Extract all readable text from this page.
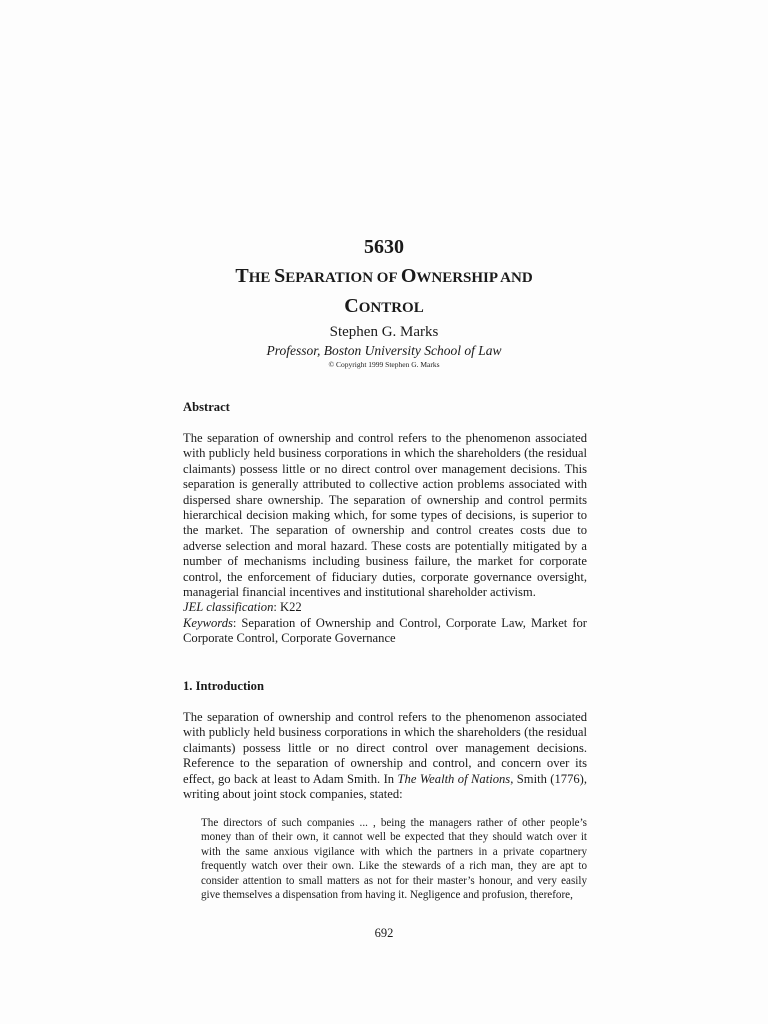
5630
THE SEPARATION OF OWNERSHIP AND
CONTROL
Stephen G. Marks
Professor, Boston University School of Law
© Copyright 1999 Stephen G. Marks
Abstract
The separation of ownership and control refers to the phenomenon associated with publicly held business corporations in which the shareholders (the residual claimants) possess little or no direct control over management decisions. This separation is generally attributed to collective action problems associated with dispersed share ownership. The separation of ownership and control permits hierarchical decision making which, for some types of decisions, is superior to the market. The separation of ownership and control creates costs due to adverse selection and moral hazard. These costs are potentially mitigated by a number of mechanisms including business failure, the market for corporate control, the enforcement of fiduciary duties, corporate governance oversight, managerial financial incentives and institutional shareholder activism.
JEL classification: K22
Keywords: Separation of Ownership and Control, Corporate Law, Market for Corporate Control, Corporate Governance
1. Introduction
The separation of ownership and control refers to the phenomenon associated with publicly held business corporations in which the shareholders (the residual claimants) possess little or no direct control over management decisions. Reference to the separation of ownership and control, and concern over its effect, go back at least to Adam Smith. In The Wealth of Nations, Smith (1776), writing about joint stock companies, stated:
The directors of such companies ... , being the managers rather of other people’s money than of their own, it cannot well be expected that they should watch over it with the same anxious vigilance with which the partners in a private copartnery frequently watch over their own. Like the stewards of a rich man, they are apt to consider attention to small matters as not for their master’s honour, and very easily give themselves a dispensation from having it. Negligence and profusion, therefore,
692
